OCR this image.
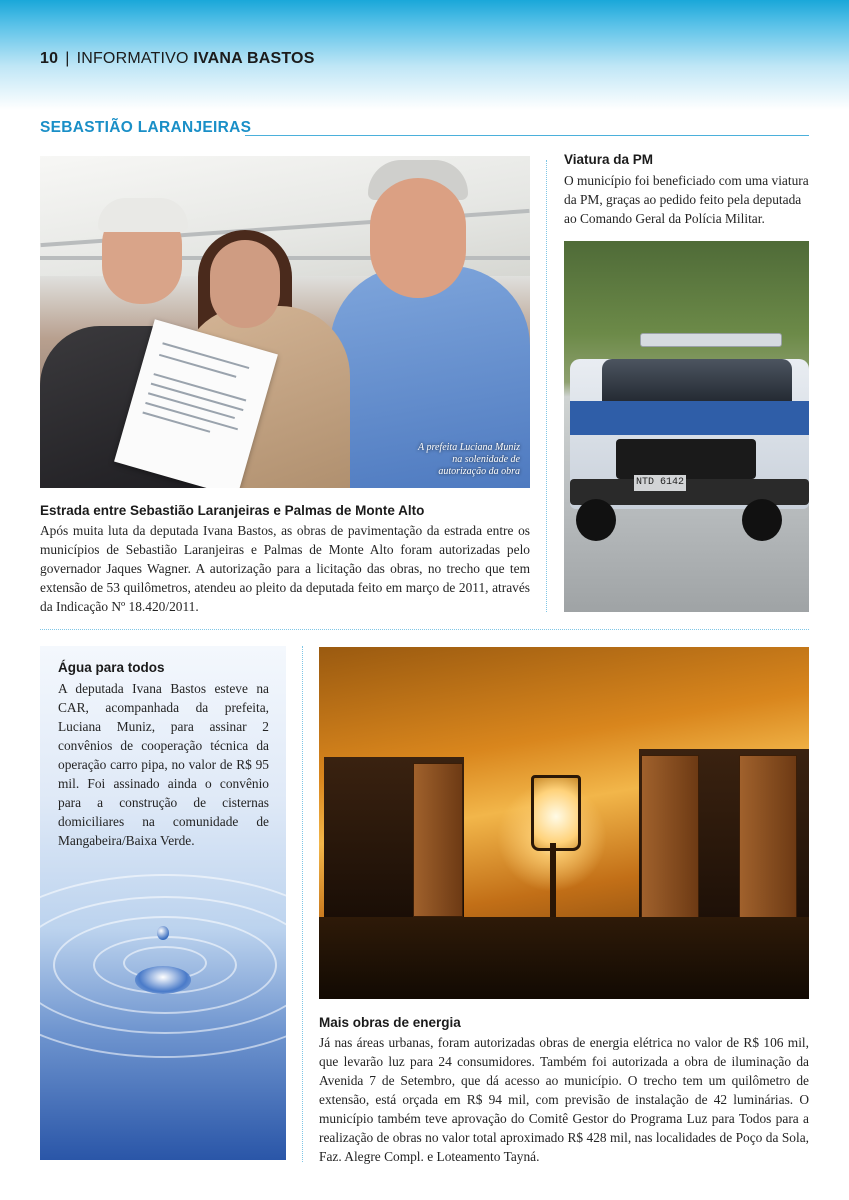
10 | INFORMATIVO IVANA BASTOS
SEBASTIÃO LARANJEIRAS
A prefeita Luciana Muniz
na solenidade de
autorização da obra
Viatura da PM
O município foi beneficiado com uma viatura da PM, graças ao pedido feito pela deputada ao Comando Geral da Polícia Militar.
NTD 6142
Estrada entre Sebastião Laranjeiras e Palmas de Monte Alto
Após muita luta da deputada Ivana Bastos, as obras de pavimentação da estrada entre os municípios de Sebastião Laranjeiras e Palmas de Monte Alto foram autorizadas pelo governador Jaques Wagner. A autorização para a licitação das obras, no trecho que tem extensão de 53 quilômetros, atendeu ao pleito da deputada feito em março de 2011, através da Indicação Nº 18.420/2011.
Água para todos
A deputada Ivana Bastos esteve na CAR, acompanhada da prefeita, Luciana Muniz, para assinar 2 convênios de cooperação técnica da operação carro pipa, no valor de R$ 95 mil. Foi assinado ainda o convênio para a construção de cisternas domiciliares na comunidade de Mangabeira/Baixa Verde.
Mais obras de energia
Já nas áreas urbanas, foram autorizadas obras de energia elétrica no valor de R$ 106 mil, que levarão luz para 24 consumidores. Também foi autorizada a obra de iluminação da Avenida 7 de Setembro, que dá acesso ao município. O trecho tem um quilômetro de extensão, está orçada em R$ 94 mil, com previsão de instalação de 42 luminárias. O município também teve aprovação do Comitê Gestor do Programa Luz para Todos para a realização de obras no valor total aproximado R$ 428 mil, nas localidades de Poço da Sola, Faz. Alegre Compl. e Loteamento Tayná.
